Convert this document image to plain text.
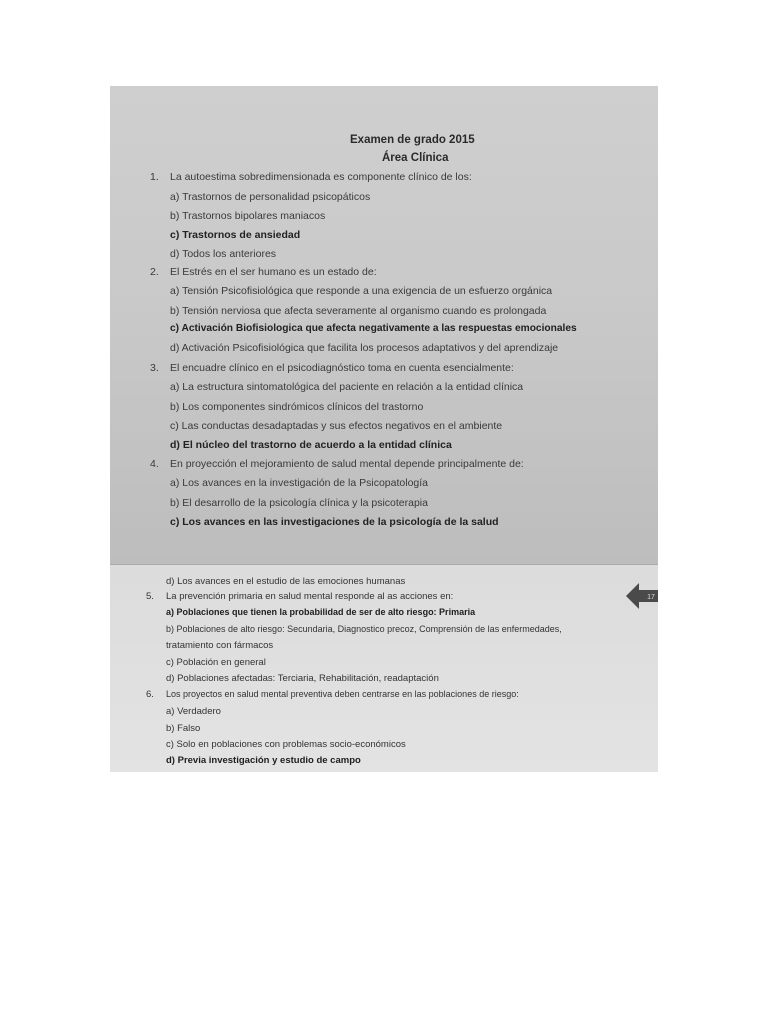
Examen de grado 2015
Área Clínica
1. La autoestima sobredimensionada es componente clínico de los:
a) Trastornos de personalidad psicopáticos
b) Trastornos bipolares maniacos
c) Trastornos de ansiedad
d) Todos los anteriores
2. El Estrés en el ser humano es un estado de:
a) Tensión Psicofisiológica que responde a una exigencia de un esfuerzo orgánica
b) Tensión nerviosa que afecta severamente al organismo cuando es prolongada
c) Activación Biofisiologica que afecta negativamente a las respuestas emocionales
d) Activación Psicofisiológica que facilita los procesos adaptativos y del aprendizaje
3. El encuadre clínico en el psicodiagnóstico toma en cuenta esencialmente:
a) La estructura sintomatológica del paciente en relación a la entidad clínica
b) Los componentes sindrómicos clínicos del trastorno
c) Las conductas desadaptadas y sus efectos negativos en el ambiente
d) El núcleo del trastorno de acuerdo a la entidad clínica
4. En proyección el mejoramiento de salud mental depende principalmente de:
a) Los avances en la investigación de la Psicopatología
b) El desarrollo de la psicología clínica y la psicoterapia
c) Los avances en las investigaciones de la psicología de la salud
d) Los avances en el estudio de las emociones humanas
17
5. La prevención primaria en salud mental responde al as acciones en:
a) Poblaciones que tienen la probabilidad de ser de alto riesgo: Primaria
b) Poblaciones de alto riesgo: Secundaria, Diagnostico precoz, Comprensión de las enfermedades,
tratamiento con fármacos
c) Población en general
d) Poblaciones afectadas: Terciaria, Rehabilitación, readaptación
6. Los proyectos en salud mental preventiva deben centrarse en las poblaciones de riesgo:
a) Verdadero
b) Falso
c) Solo en poblaciones con problemas socio-económicos
d) Previa investigación y estudio de campo
